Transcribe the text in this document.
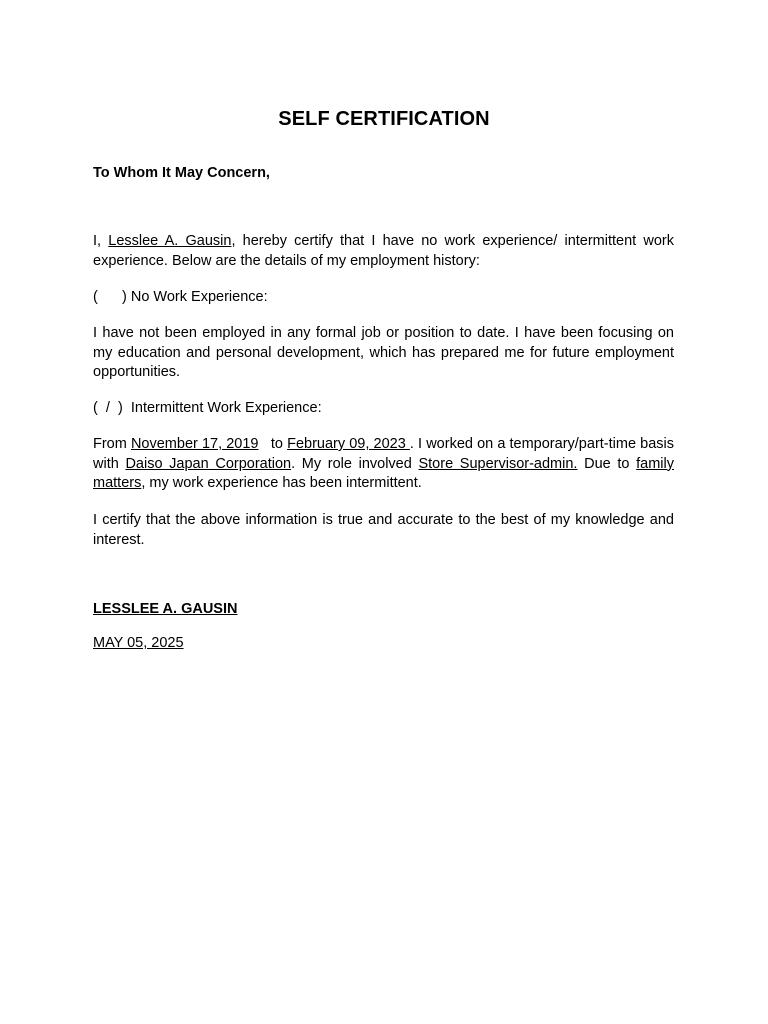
SELF CERTIFICATION
To Whom It May Concern,
I, Lesslee A. Gausin, hereby certify that I have no work experience/ intermittent work experience. Below are the details of my employment history:
(      ) No Work Experience:
I have not been employed in any formal job or position to date. I have been focusing on my education and personal development, which has prepared me for future employment opportunities.
(  /  )  Intermittent Work Experience:
From November 17, 2019   to February 09, 2023 . I worked on a temporary/part-time basis with Daiso Japan Corporation. My role involved Store Supervisor-admin. Due to family matters, my work experience has been intermittent.
I certify that the above information is true and accurate to the best of my knowledge and interest.
LESSLEE A. GAUSIN
MAY 05, 2025
